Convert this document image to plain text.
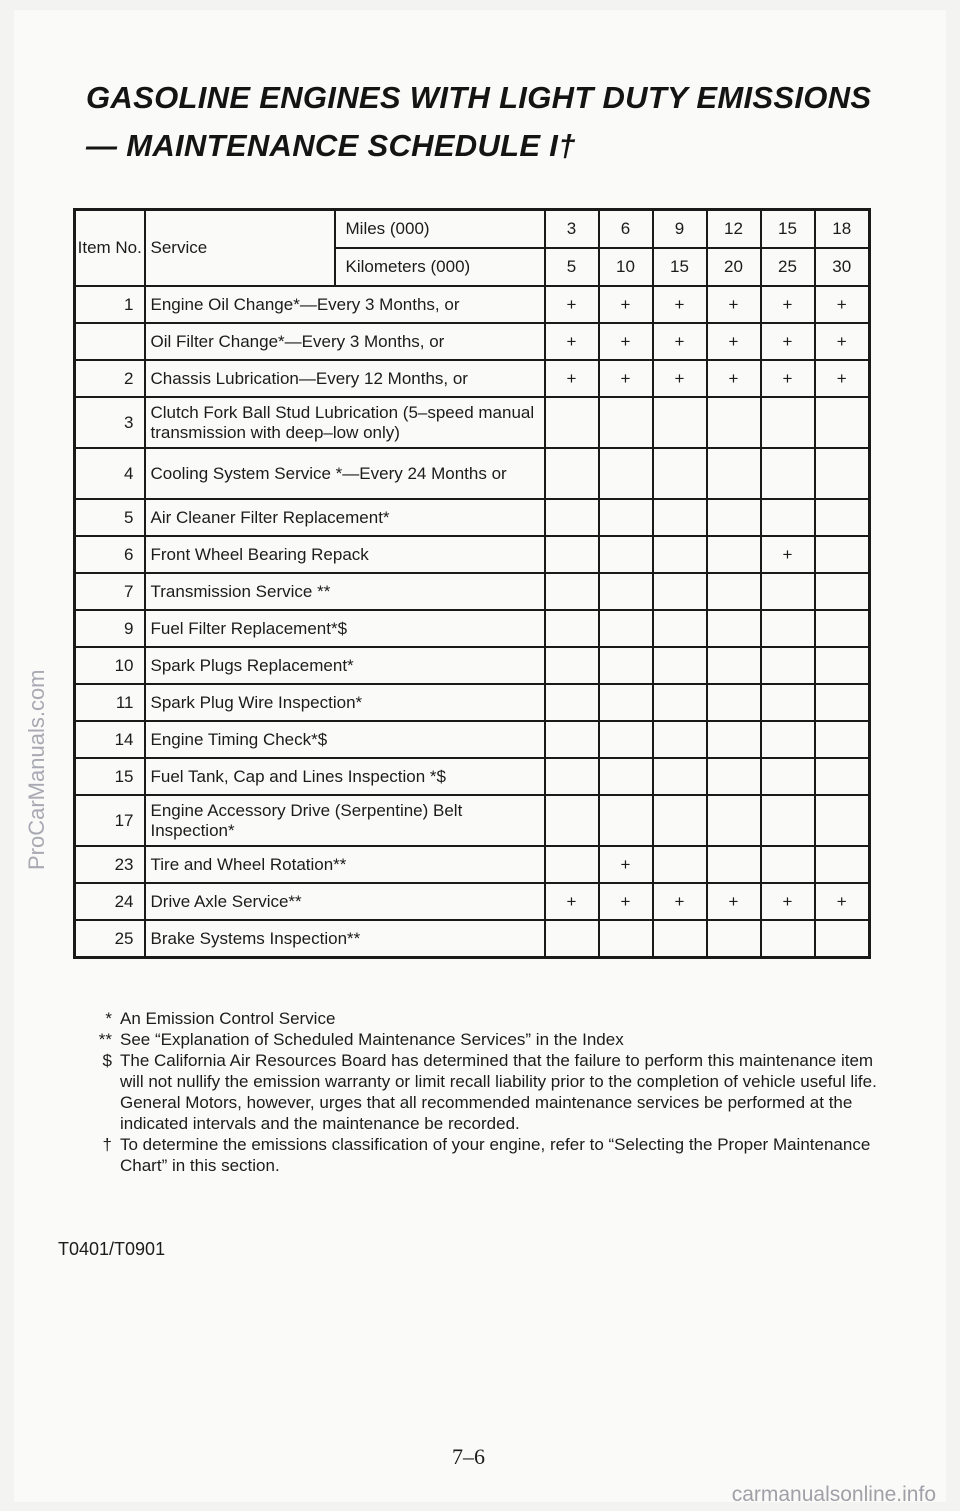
ProCarManuals.com
GASOLINE ENGINES WITH LIGHT DUTY EMISSIONS
— MAINTENANCE SCHEDULE I†
Item No.	Service	Miles (000)	3	6	9	12	15	18
		Kilometers (000)	5	10	15	20	25	30
1	Engine Oil Change*—Every 3 Months, or		+	+	+	+	+	+
	Oil Filter Change*—Every 3 Months, or		+	+	+	+	+	+
2	Chassis Lubrication—Every 12 Months, or		+	+	+	+	+	+
3	Clutch Fork Ball Stud Lubrication (5–speed manual transmission with deep–low only)							
4	Cooling System Service *—Every 24 Months or							
5	Air Cleaner Filter Replacement*							
6	Front Wheel Bearing Repack						+	
7	Transmission Service **							
9	Fuel Filter Replacement*$							
10	Spark Plugs Replacement*							
11	Spark Plug Wire Inspection*							
14	Engine Timing Check*$							
15	Fuel Tank, Cap and Lines Inspection *$							
17	Engine Accessory Drive (Serpentine) Belt Inspection*							
23	Tire and Wheel Rotation**			+				
24	Drive Axle Service**		+	+	+	+	+	+
25	Brake Systems Inspection**							
* An Emission Control Service
** See “Explanation of Scheduled Maintenance Services” in the Index
$ The California Air Resources Board has determined that the failure to perform this maintenance item will not nullify the emission warranty or limit recall liability prior to the completion of vehicle useful life. General Motors, however, urges that all recommended maintenance services be performed at the indicated intervals and the maintenance be recorded.
† To determine the emissions classification of your engine, refer to “Selecting the Proper Maintenance Chart” in this section.
T0401/T0901
7–6
carmanualsonline.info
